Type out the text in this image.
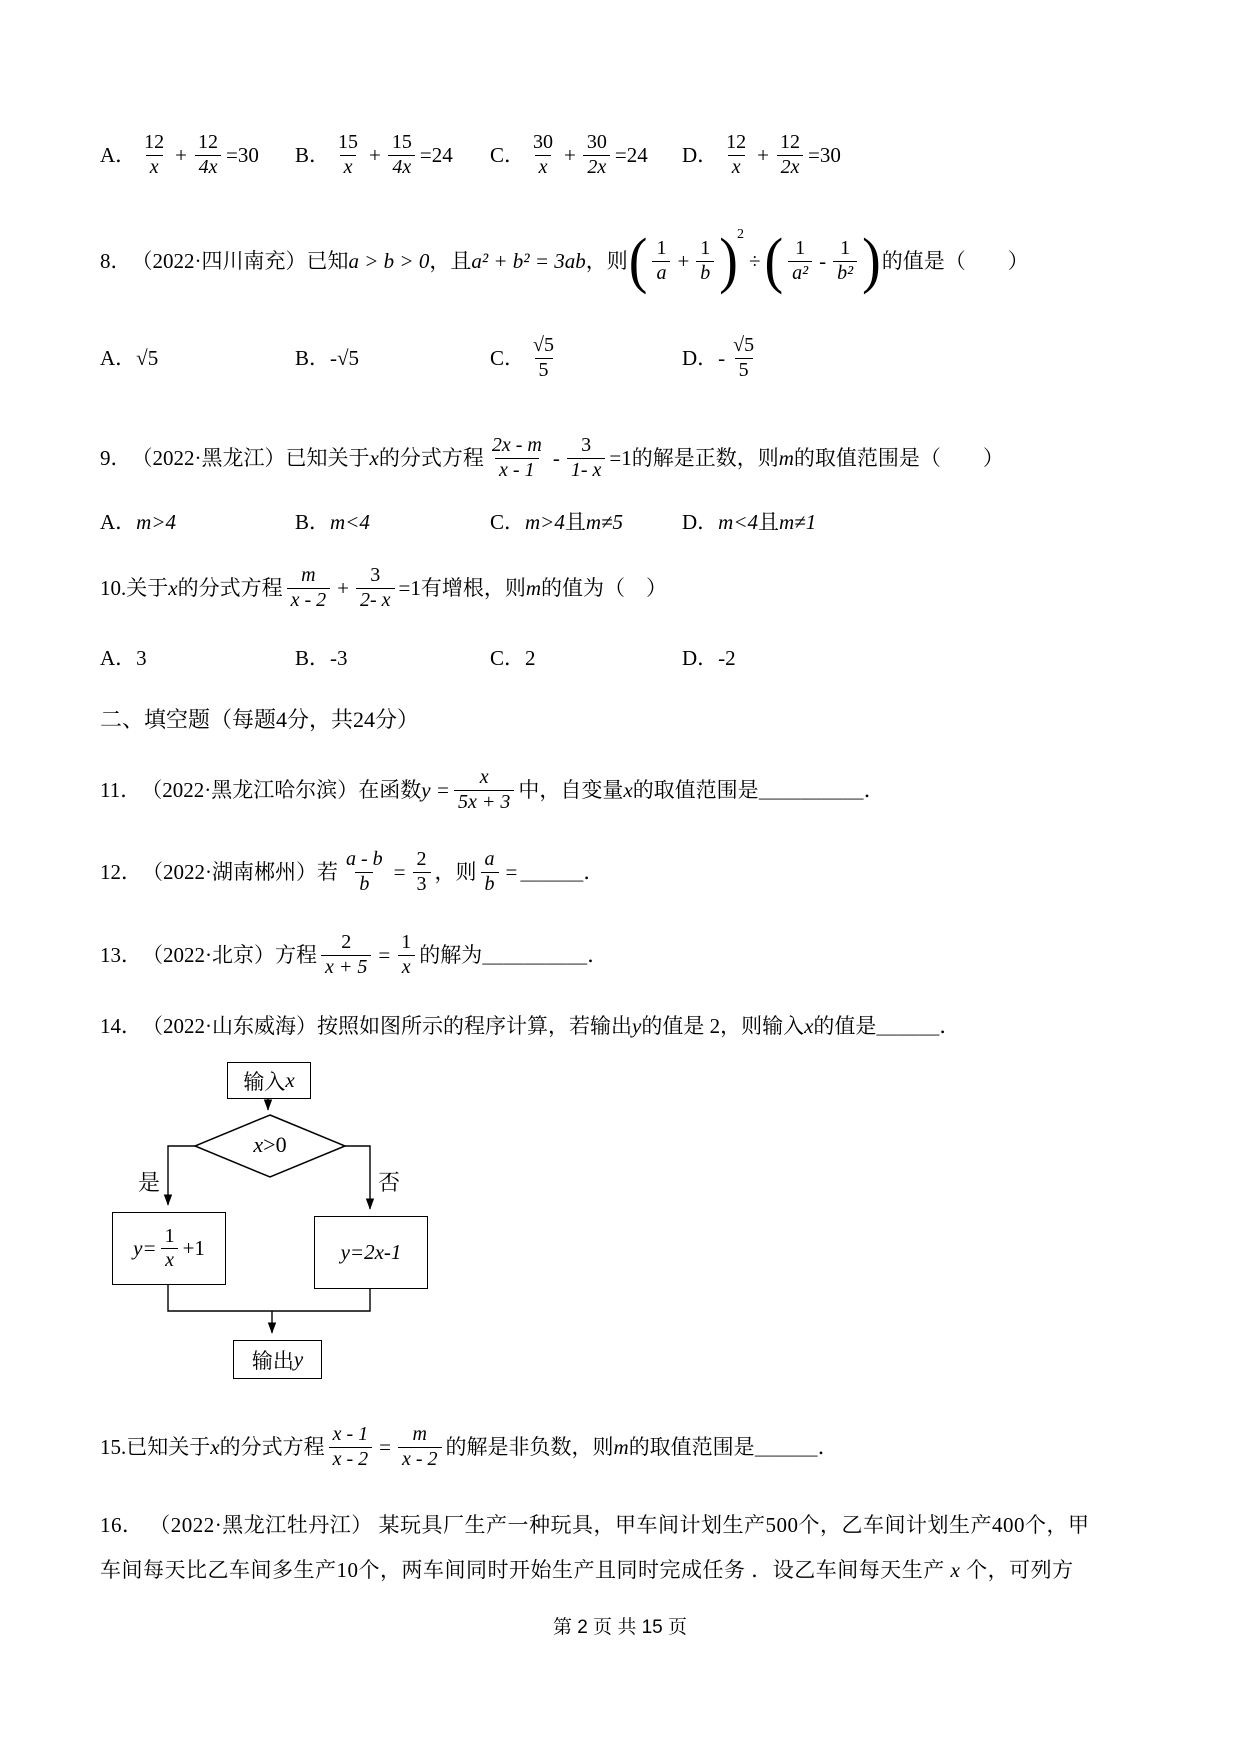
A． $\frac{12}{x} + \frac{12}{4x} =30$ B． $\frac{15}{x} + \frac{15}{4x} =24$ C． $\frac{30}{x} + \frac{30}{2x} =24$ D． $\frac{12}{x} + \frac{12}{2x} =30$
8． （2022·四川南充） 已知 a > b > 0 ，且 a² + b² = 3ab ，则 ( $\frac{1}{a} + \frac{1}{b}$ ) 2
÷ ( $\frac{1}{\text{a²}} - \frac{1}{\text{b²}}$ ) 的值是（　　）
A． √5	B． -√5	C． $\frac{√5}{5}$	D． - $\frac{√5}{5}$
9． （2022·黑龙江） 已知关于 x 的分式方程 $\frac{2x - m}{x - 1} - \frac{3}{1- x} =1$ 的解是正数，则 m 的取值范围是（　　）
A． m>4	B． m<4	C． m>4 且 m≠5	D． m<4 且 m≠1
10. 关于 x 的分式方程 $\frac{m}{x - 2} + \frac{3}{2- x} =1$ 有增根，则 m 的值为（　）
A． 3	B． -3	C． 2	D． -2
二、填空题（每题4分，共24分）
11． （2022·黑龙江哈尔滨） 在函数 $y = \frac{x}{5x + 3}$ 中，自变量 x 的取值范围是 ＿＿＿＿＿ ．
12． （2022·湖南郴州） 若 $\frac{a - b}{b} = \frac{2}{3}$ ，则 $\frac{a}{b}$ = ＿＿＿ ．
13． （2022·北京） 方程 $\frac{2}{x + 5} = \frac{1}{x}$ 的解为 ＿＿＿＿＿ ．
14． （2022·山东威海） 按照如图所示的程序计算，若输出 y 的值是 2，则输入 x 的值是 ＿＿＿ ．
输入 x
x>0
是	否
$y= \frac{1}{x} +1$	y=2x-1
输出 y
15. 已知关于 x 的分式方程 $\frac{x - 1}{x - 2} = \frac{m}{x - 2}$ 的解是非负数，则 m 的取值范围是 ＿＿＿ ．
16． （2022·黑龙江牡丹江） 某玩具厂生产一种玩具，甲车间计划生产500个，乙车间计划生产400个，甲
车间每天比乙车间多生产10个，两车间同时开始生产且同时完成任务 ．设乙车间每天生产 x 个，可列方
第 2 页 共 15 页
